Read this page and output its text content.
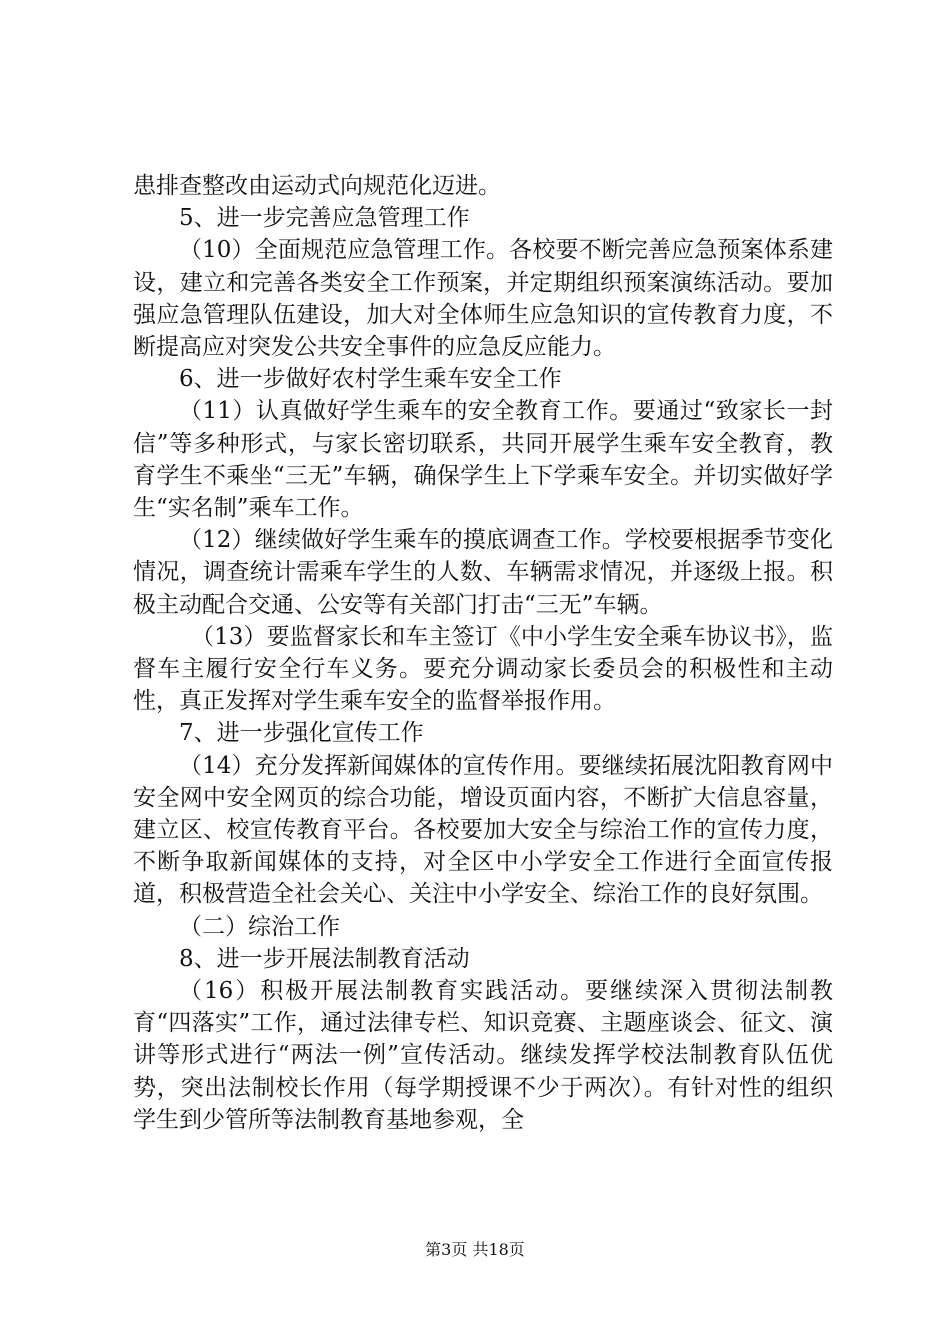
患排查整改由运动式向规范化迈进。

5、进一步完善应急管理工作

（10）全面规范应急管理工作。各校要不断完善应急预案体系建设，建立和完善各类安全工作预案，并定期组织预案演练活动。要加强应急管理队伍建设，加大对全体师生应急知识的宣传教育力度，不断提高应对突发公共安全事件的应急反应能力。

6、进一步做好农村学生乘车安全工作

（11）认真做好学生乘车的安全教育工作。要通过“致家长一封信”等多种形式，与家长密切联系，共同开展学生乘车安全教育，教育学生不乘坐“三无”车辆，确保学生上下学乘车安全。并切实做好学生“实名制”乘车工作。

（12）继续做好学生乘车的摸底调查工作。学校要根据季节变化情况，调查统计需乘车学生的人数、车辆需求情况，并逐级上报。积极主动配合交通、公安等有关部门打击“三无”车辆。

（13）要监督家长和车主签订《中小学生安全乘车协议书》，监督车主履行安全行车义务。要充分调动家长委员会的积极性和主动性，真正发挥对学生乘车安全的监督举报作用。

7、进一步强化宣传工作

（14）充分发挥新闻媒体的宣传作用。要继续拓展沈阳教育网中安全网中安全网页的综合功能，增设页面内容，不断扩大信息容量，建立区、校宣传教育平台。各校要加大安全与综治工作的宣传力度，不断争取新闻媒体的支持，对全区中小学安全工作进行全面宣传报道，积极营造全社会关心、关注中小学安全、综治工作的良好氛围。

（二）综治工作

8、进一步开展法制教育活动

（16）积极开展法制教育实践活动。要继续深入贯彻法制教育“四落实”工作，通过法律专栏、知识竞赛、主题座谈会、征文、演讲等形式进行“两法一例”宣传活动。继续发挥学校法制教育队伍优势，突出法制校长作用（每学期授课不少于两次）。有针对性的组织学生到少管所等法制教育基地参观，全

第3页 共18页
